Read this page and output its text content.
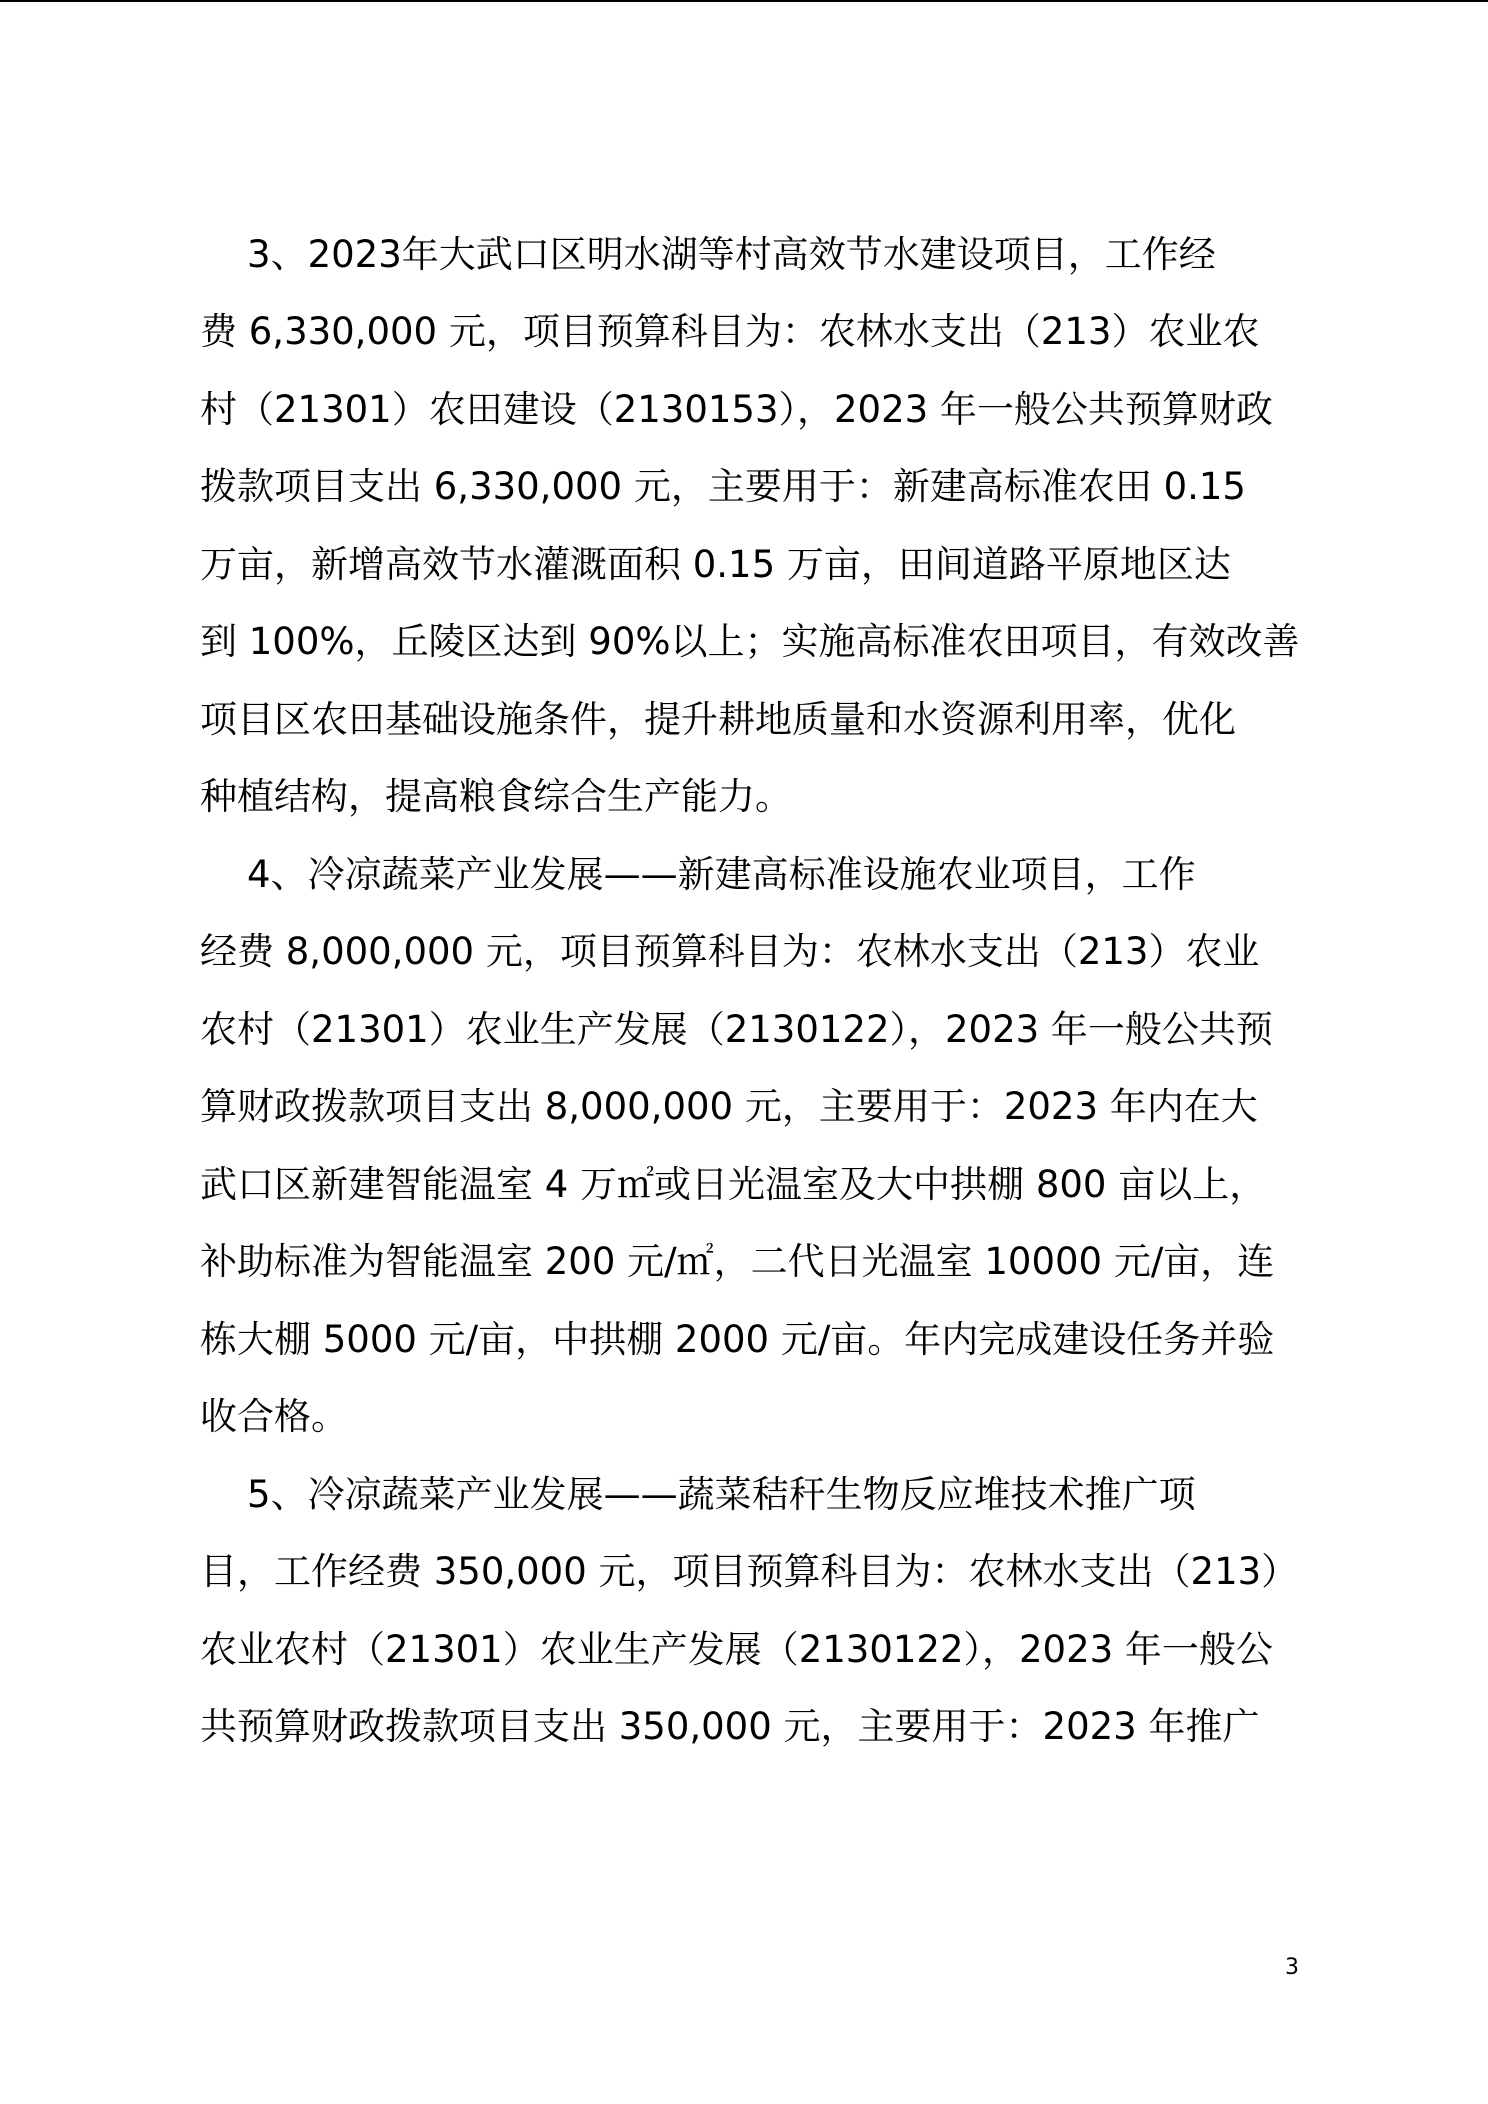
3、2023年大武口区明水湖等村高效节水建设项目，工作经
费 6,330,000 元，项目预算科目为：农林水支出（213）农业农
村（21301）农田建设（2130153），2023 年一般公共预算财政
拨款项目支出 6,330,000 元，主要用于：新建高标准农田 0.15
万亩，新增高效节水灌溉面积 0.15 万亩，田间道路平原地区达
到 100%，丘陵区达到 90%以上；实施高标准农田项目，有效改善
项目区农田基础设施条件，提升耕地质量和水资源利用率，优化
种植结构，提高粮食综合生产能力。
4、冷凉蔬菜产业发展——新建高标准设施农业项目，工作
经费 8,000,000 元，项目预算科目为：农林水支出（213）农业
农村（21301）农业生产发展（2130122），2023 年一般公共预
算财政拨款项目支出 8,000,000 元，主要用于：2023 年内在大
武口区新建智能温室 4 万㎡或日光温室及大中拱棚 800 亩以上，
补助标准为智能温室 200 元/㎡，二代日光温室 10000 元/亩，连
栋大棚 5000 元/亩，中拱棚 2000 元/亩。年内完成建设任务并验
收合格。
5、冷凉蔬菜产业发展——蔬菜秸秆生物反应堆技术推广项
目，工作经费 350,000 元，项目预算科目为：农林水支出（213）
农业农村（21301）农业生产发展（2130122），2023 年一般公
共预算财政拨款项目支出 350,000 元，主要用于：2023 年推广
3
